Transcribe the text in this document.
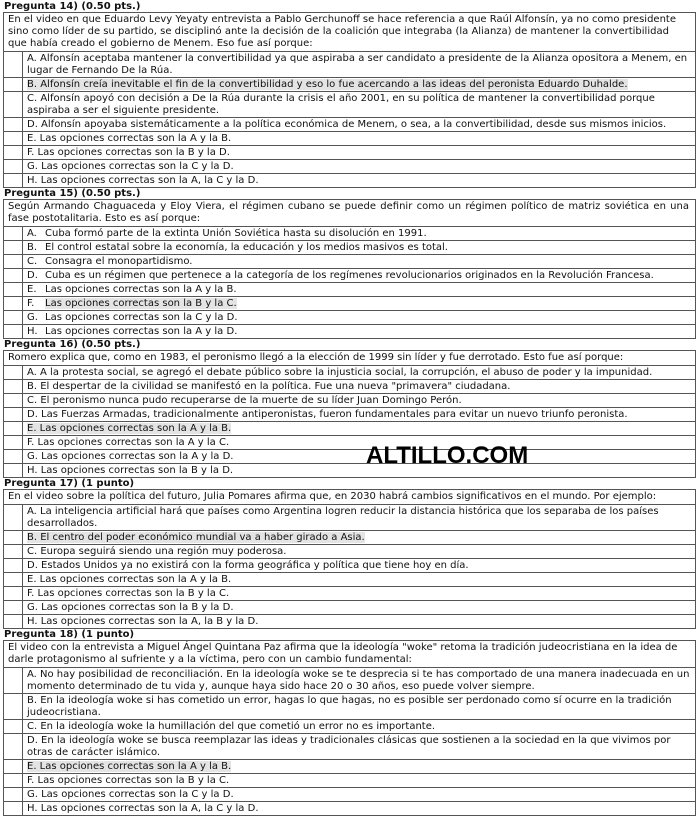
Pregunta 14) (0.50 pts.)
En el video en que Eduardo Levy Yeyaty entrevista a Pablo Gerchunoff se hace referencia a que Raúl Alfonsín, ya no como presidente sino como líder de su partido, se disciplinó ante la decisión de la coalición que integraba (la Alianza) de mantener la convertibilidad que había creado el gobierno de Menem. Eso fue así porque:
A. Alfonsín aceptaba mantener la convertibilidad ya que aspiraba a ser candidato a presidente de la Alianza opositora a Menem, en lugar de Fernando De la Rúa.
B. Alfonsín creía inevitable el fin de la convertibilidad y eso lo fue acercando a las ideas del peronista Eduardo Duhalde.
C. Alfonsín apoyó con decisión a De la Rúa durante la crisis el año 2001, en su política de mantener la convertibilidad porque aspiraba a ser el siguiente presidente.
D. Alfonsín apoyaba sistemáticamente a la política económica de Menem, o sea, a la convertibilidad, desde sus mismos inicios.
E. Las opciones correctas son la A y la B.
F. Las opciones correctas son la B y la D.
G. Las opciones correctas son la C y la D.
H. Las opciones correctas son la A, la C y la D.
Pregunta 15) (0.50 pts.)
Según Armando Chaguaceda y Eloy Viera, el régimen cubano se puede definir como un régimen político de matriz soviética en una fase postotalitaria. Esto es así porque:
A. Cuba formó parte de la extinta Unión Soviética hasta su disolución en 1991.
B. El control estatal sobre la economía, la educación y los medios masivos es total.
C. Consagra el monopartidismo.
D. Cuba es un régimen que pertenece a la categoría de los regímenes revolucionarios originados en la Revolución Francesa.
E. Las opciones correctas son la A y la B.
F. Las opciones correctas son la B y la C.
G. Las opciones correctas son la C y la D.
H. Las opciones correctas son la A y la D.
Pregunta 16) (0.50 pts.)
Romero explica que, como en 1983, el peronismo llegó a la elección de 1999 sin líder y fue derrotado. Esto fue así porque:
A. A la protesta social, se agregó el debate público sobre la injusticia social, la corrupción, el abuso de poder y la impunidad.
B. El despertar de la civilidad se manifestó en la política. Fue una nueva "primavera" ciudadana.
C. El peronismo nunca pudo recuperarse de la muerte de su líder Juan Domingo Perón.
D. Las Fuerzas Armadas, tradicionalmente antiperonistas, fueron fundamentales para evitar un nuevo triunfo peronista.
E. Las opciones correctas son la A y la B.
F. Las opciones correctas son la A y la C.
G. Las opciones correctas son la A y la D.
H. Las opciones correctas son la B y la D.
Pregunta 17) (1 punto)
En el video sobre la política del futuro, Julia Pomares afirma que, en 2030 habrá cambios significativos en el mundo. Por ejemplo:
A. La inteligencia artificial hará que países como Argentina logren reducir la distancia histórica que los separaba de los países desarrollados.
B. El centro del poder económico mundial va a haber girado a Asia.
C. Europa seguirá siendo una región muy poderosa.
D. Estados Unidos ya no existirá con la forma geográfica y política que tiene hoy en día.
E. Las opciones correctas son la A y la B.
F. Las opciones correctas son la B y la C.
G. Las opciones correctas son la B y la D.
H. Las opciones correctas son la A, la B y la D.
Pregunta 18) (1 punto)
El video con la entrevista a Miguel Ángel Quintana Paz afirma que la ideología "woke" retoma la tradición judeocristiana en la idea de darle protagonismo al sufriente y a la víctima, pero con un cambio fundamental:
A. No hay posibilidad de reconciliación. En la ideología woke se te desprecia si te has comportado de una manera inadecuada en un momento determinado de tu vida y, aunque haya sido hace 20 o 30 años, eso puede volver siempre.
B. En la ideología woke si has cometido un error, hagas lo que hagas, no es posible ser perdonado como sí ocurre en la tradición judeocristiana.
C. En la ideología woke la humillación del que cometió un error no es importante.
D. En la ideología woke se busca reemplazar las ideas y tradicionales clásicas que sostienen a la sociedad en la que vivimos por otras de carácter islámico.
E. Las opciones correctas son la A y la B.
F. Las opciones correctas son la B y la C.
G. Las opciones correctas son la C y la D.
H. Las opciones correctas son la A, la C y la D.
ALTILLO.COM
